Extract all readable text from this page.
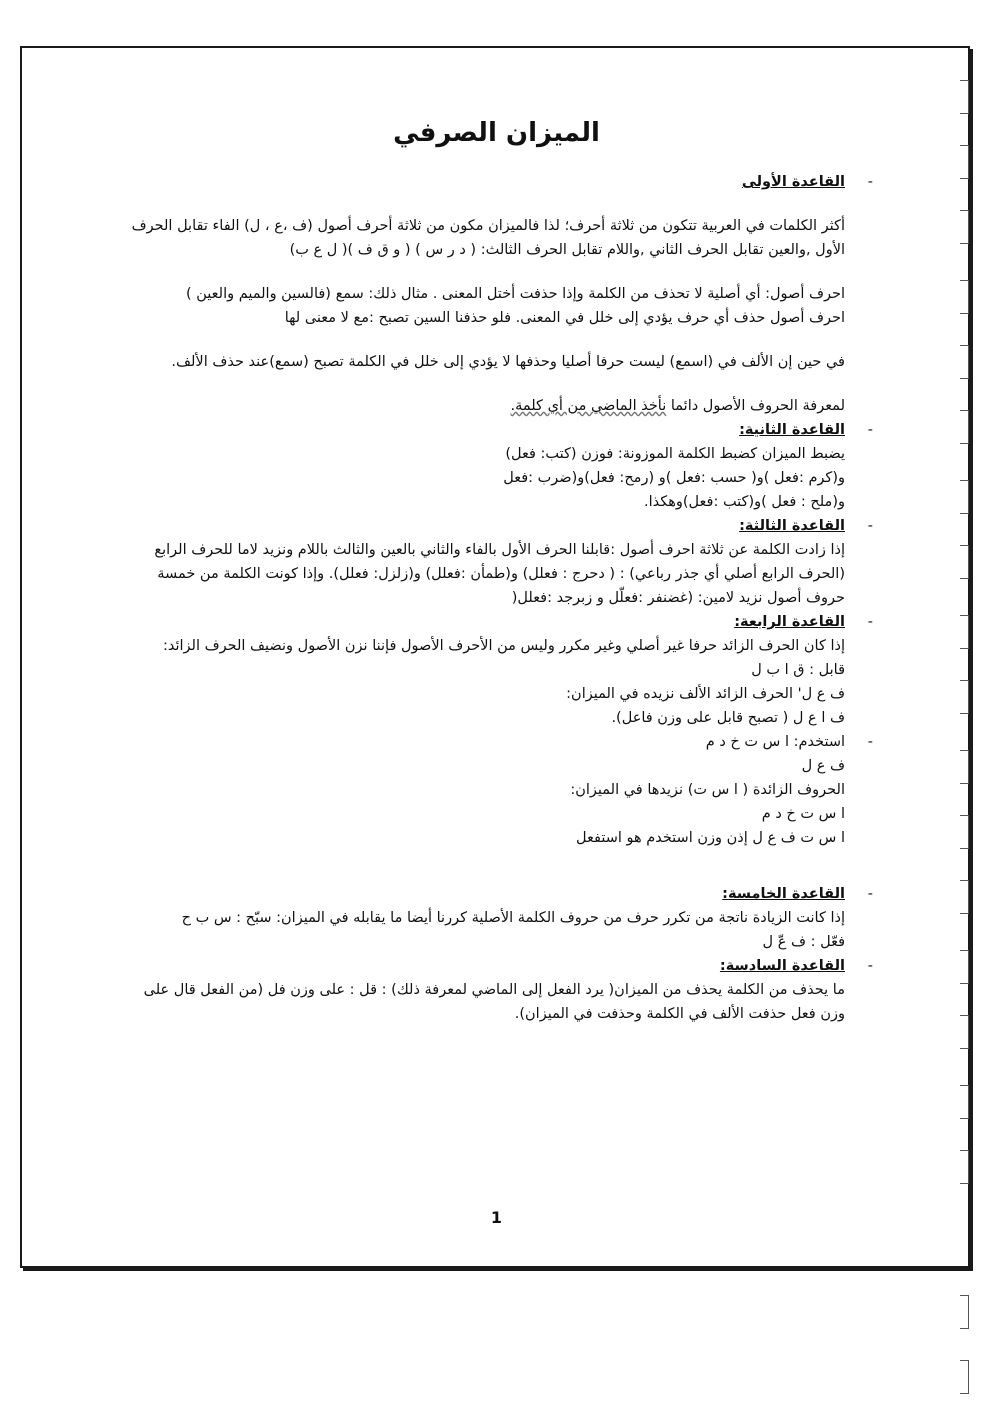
الميزان الصرفي

القاعدة الأولى -

أكثر الكلمات في العربية تتكون من ثلاثة أحرف؛ لذا فالميزان مكون من ثلاثة أحرف أصول (ف ،ع ، ل) الفاء تقابل الحرف الأول ,والعين تقابل الحرف الثاني ,واللام تقابل الحرف الثالث: ( د ر س ) ( و ق ف )( ل ع ب)

احرف أصول: أي أصلية لا تحذف من الكلمة وإذا حذفت أختل المعنى . مثال ذلك: سمع (فالسين والميم والعين )

احرف أصول حذف أي حرف يؤدي إلى خلل في المعنى. فلو حذفنا السين تصبح :مع لا معنى لها

في حين إن الألف في (اسمع) ليست حرفا أصليا وحذفها لا يؤدي إلى خلل في الكلمة تصبح (سمع)عند حذف الألف.

لمعرفة الحروف الأصول دائما نأخذ الماضي من أي كلمة.

القاعدة الثانية: -

يضبط الميزان كضبط الكلمة الموزونة: فوزن (كتب: فعل)

و(كرم :فعل )و( حسب :فعل )و (رمح: فعل)و(ضرب :فعل

و(ملح : فعل )و(كتب :فعل)وهكذا.

القاعدة الثالثة: -

إذا زادت الكلمة عن ثلاثة احرف أصول :قابلنا الحرف الأول بالفاء والثاني بالعين والثالث باللام ونزيد لاما للحرف الرابع (الحرف الرابع أصلي أي جذر رباعي) : ( دحرج : فعلل) و(طمأن :فعلل) و(زلزل: فعلل). وإذا كونت الكلمة من خمسة حروف أصول نزيد لامين: (غضنفر :فعلّل و زبرجد :فعلل(

القاعدة الرابعة: -

إذا كان الحرف الزائد حرفا غير أصلي وغير مكرر وليس من الأحرف الأصول فإننا نزن الأصول ونضيف الحرف الزائد:

قابل : ق ا ب ل

ف ع ل' الحرف الزائد الألف نزيده في الميزان:

ف ا ع ل ( تصبح قابل على وزن فاعل).

استخدم: ا س ت خ د م -

ف ع ل

الحروف الزائدة ( ا س ت) نزيدها في الميزان:

ا س ت خ د م

ا س ت ف ع ل إذن وزن استخدم هو استفعل

القاعدة الخامسة: -

إذا كانت الزيادة ناتجة من تكرر حرف من حروف الكلمة الأصلية كررنا أيضا ما يقابله في الميزان: سبّح : س ب ح

فعّل : ف عّ ل

القاعدة السادسة: -

ما يحذف من الكلمة يحذف من الميزان( يرد الفعل إلى الماضي لمعرفة ذلك) : قل : على وزن فل (من الفعل قال على وزن فعل حذفت الألف في الكلمة وحذفت في الميزان).

1
